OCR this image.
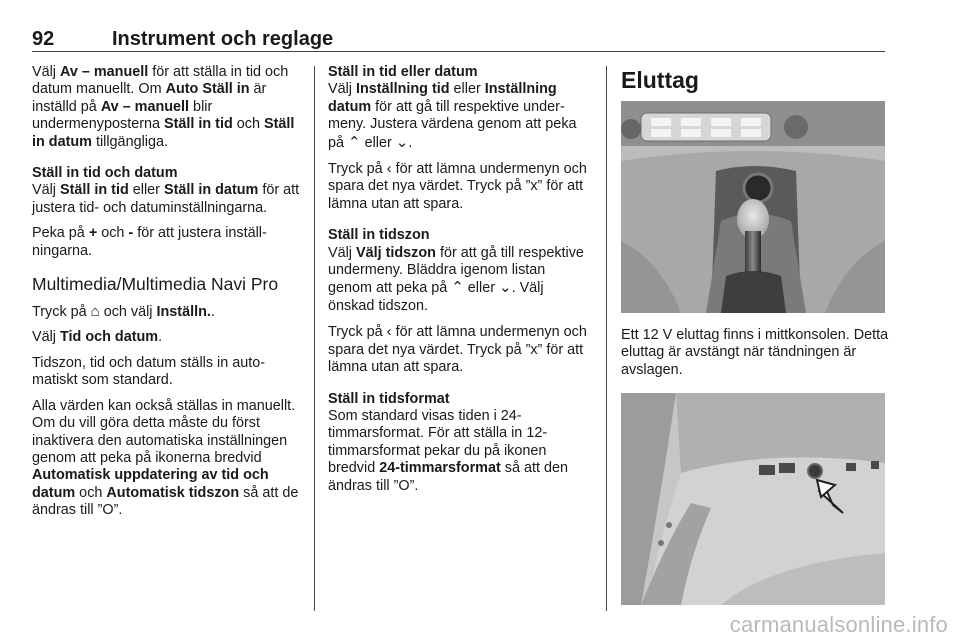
92	Instrument och reglage

Välj Av – manuell för att ställa in tid och datum manuellt. Om Auto Ställ in är inställd på Av – manuell blir undermenyposterna Ställ in tid och Ställ in datum tillgängliga.

Ställ in tid och datum

Välj Ställ in tid eller Ställ in datum för att justera tid- och datuminställningarna.

Peka på + och - för att justera inställningarna.

Multimedia/Multimedia Navi Pro

Tryck på ⌂ och välj Inställn..

Välj Tid och datum.

Tidszon, tid och datum ställs in automatiskt som standard.

Alla värden kan också ställas in manuellt. Om du vill göra detta måste du först inaktivera den automatiska inställningen genom att peka på ikonerna bredvid Automatisk uppdatering av tid och datum och Automatisk tidszon så att de ändras till ”O”.

Ställ in tid eller datum

Välj Inställning tid eller Inställning datum för att gå till respektive undermeny. Justera värdena genom att peka på ⌃ eller ⌄.

Tryck på ‹ för att lämna undermenyn och spara det nya värdet. Tryck på ”x” för att lämna utan att spara.

Ställ in tidszon

Välj Välj tidszon för att gå till respektive undermeny. Bläddra igenom listan genom att peka på ⌃ eller ⌄. Välj önskad tidszon.

Tryck på ‹ för att lämna undermenyn och spara det nya värdet. Tryck på ”x” för att lämna utan att spara.

Ställ in tidsformat

Som standard visas tiden i 24-timmarsformat. För att ställa in 12-timmarsformat pekar du på ikonen bredvid 24-timmarsformat så att den ändras till ”O”.

Eluttag

Ett 12 V eluttag finns i mittkonsolen. Detta eluttag är avstängt när tändningen är avslagen.

carmanualsonline.info
